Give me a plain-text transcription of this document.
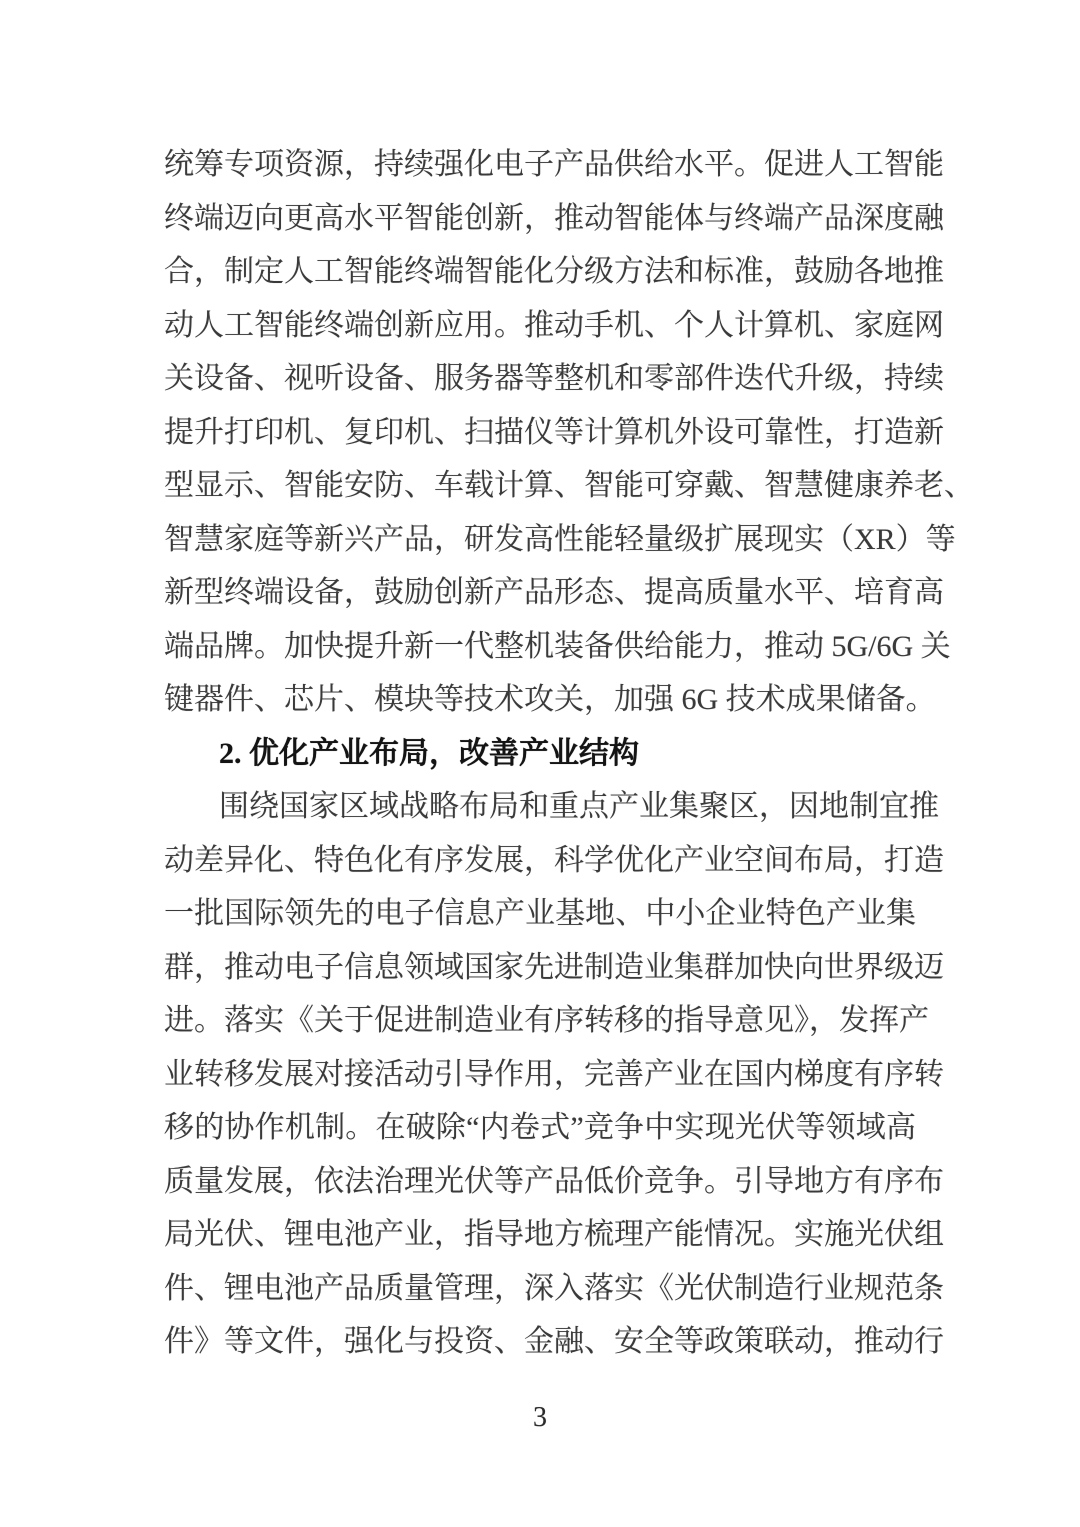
统筹专项资源，持续强化电子产品供给水平。促进人工智能
终端迈向更高水平智能创新，推动智能体与终端产品深度融
合，制定人工智能终端智能化分级方法和标准，鼓励各地推
动人工智能终端创新应用。推动手机、个人计算机、家庭网
关设备、视听设备、服务器等整机和零部件迭代升级，持续
提升打印机、复印机、扫描仪等计算机外设可靠性，打造新
型显示、智能安防、车载计算、智能可穿戴、智慧健康养老、
智慧家庭等新兴产品，研发高性能轻量级扩展现实（XR）等
新型终端设备，鼓励创新产品形态、提高质量水平、培育高
端品牌。加快提升新一代整机装备供给能力，推动 5G/6G 关
键器件、芯片、模块等技术攻关，加强 6G 技术成果储备。
2. 优化产业布局，改善产业结构
围绕国家区域战略布局和重点产业集聚区，因地制宜推
动差异化、特色化有序发展，科学优化产业空间布局，打造
一批国际领先的电子信息产业基地、中小企业特色产业集
群，推动电子信息领域国家先进制造业集群加快向世界级迈
进。落实《关于促进制造业有序转移的指导意见》，发挥产
业转移发展对接活动引导作用，完善产业在国内梯度有序转
移的协作机制。在破除“内卷式”竞争中实现光伏等领域高
质量发展，依法治理光伏等产品低价竞争。引导地方有序布
局光伏、锂电池产业，指导地方梳理产能情况。实施光伏组
件、锂电池产品质量管理，深入落实《光伏制造行业规范条
件》等文件，强化与投资、金融、安全等政策联动，推动行
3
